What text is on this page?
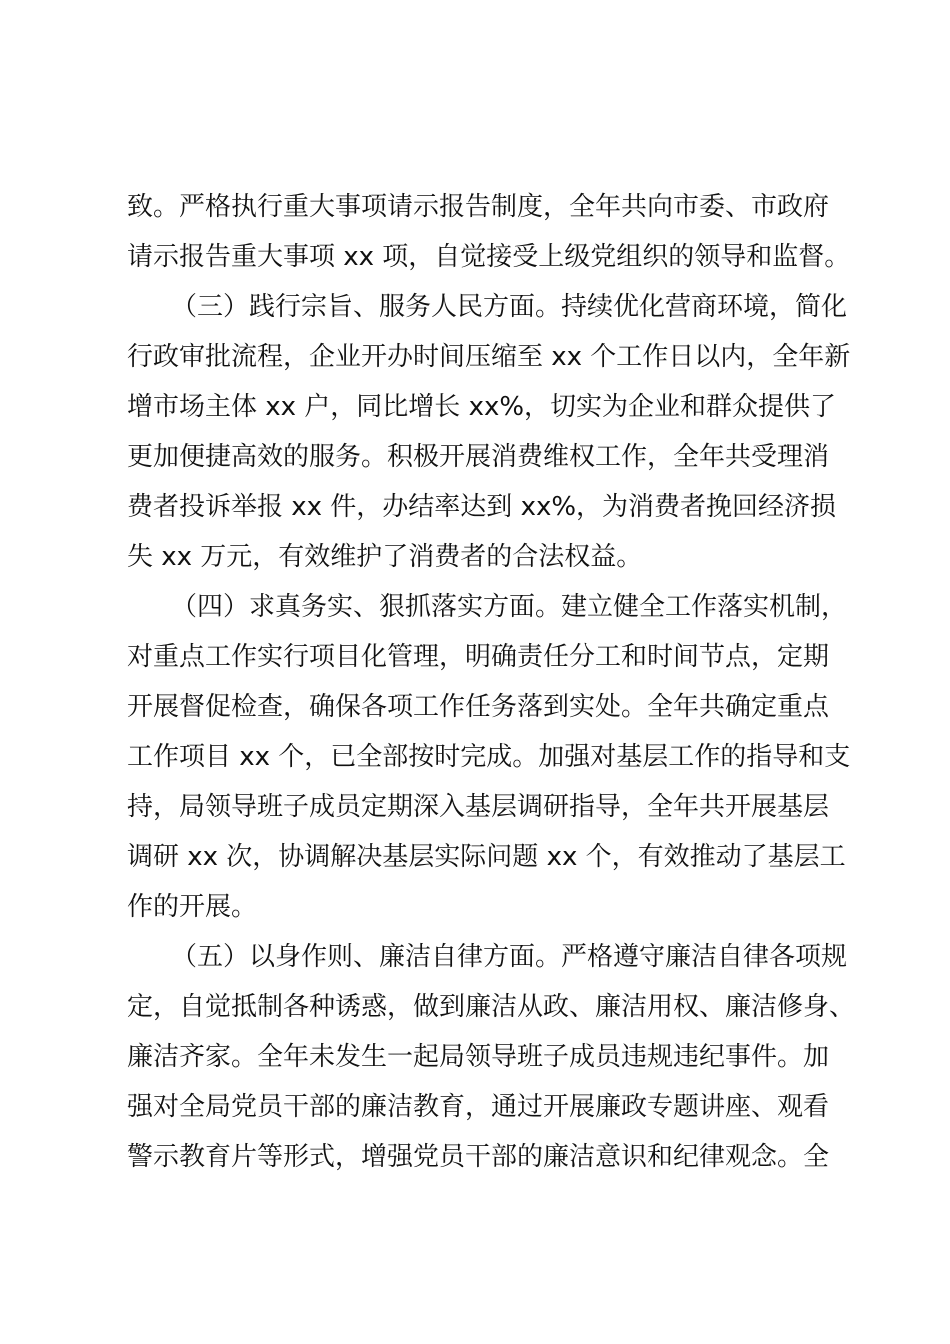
致。严格执行重大事项请示报告制度，全年共向市委、市政府
请示报告重大事项 xx 项，自觉接受上级党组织的领导和监督。
（三）践行宗旨、服务人民方面。持续优化营商环境，简化
行政审批流程，企业开办时间压缩至 xx 个工作日以内，全年新
增市场主体 xx 户，同比增长 xx%，切实为企业和群众提供了
更加便捷高效的服务。积极开展消费维权工作，全年共受理消
费者投诉举报 xx 件，办结率达到 xx%，为消费者挽回经济损
失 xx 万元，有效维护了消费者的合法权益。
（四）求真务实、狠抓落实方面。建立健全工作落实机制，
对重点工作实行项目化管理，明确责任分工和时间节点，定期
开展督促检查，确保各项工作任务落到实处。全年共确定重点
工作项目 xx 个，已全部按时完成。加强对基层工作的指导和支
持，局领导班子成员定期深入基层调研指导，全年共开展基层
调研 xx 次，协调解决基层实际问题 xx 个，有效推动了基层工
作的开展。
（五）以身作则、廉洁自律方面。严格遵守廉洁自律各项规
定，自觉抵制各种诱惑，做到廉洁从政、廉洁用权、廉洁修身、
廉洁齐家。全年未发生一起局领导班子成员违规违纪事件。加
强对全局党员干部的廉洁教育，通过开展廉政专题讲座、观看
警示教育片等形式，增强党员干部的廉洁意识和纪律观念。全
